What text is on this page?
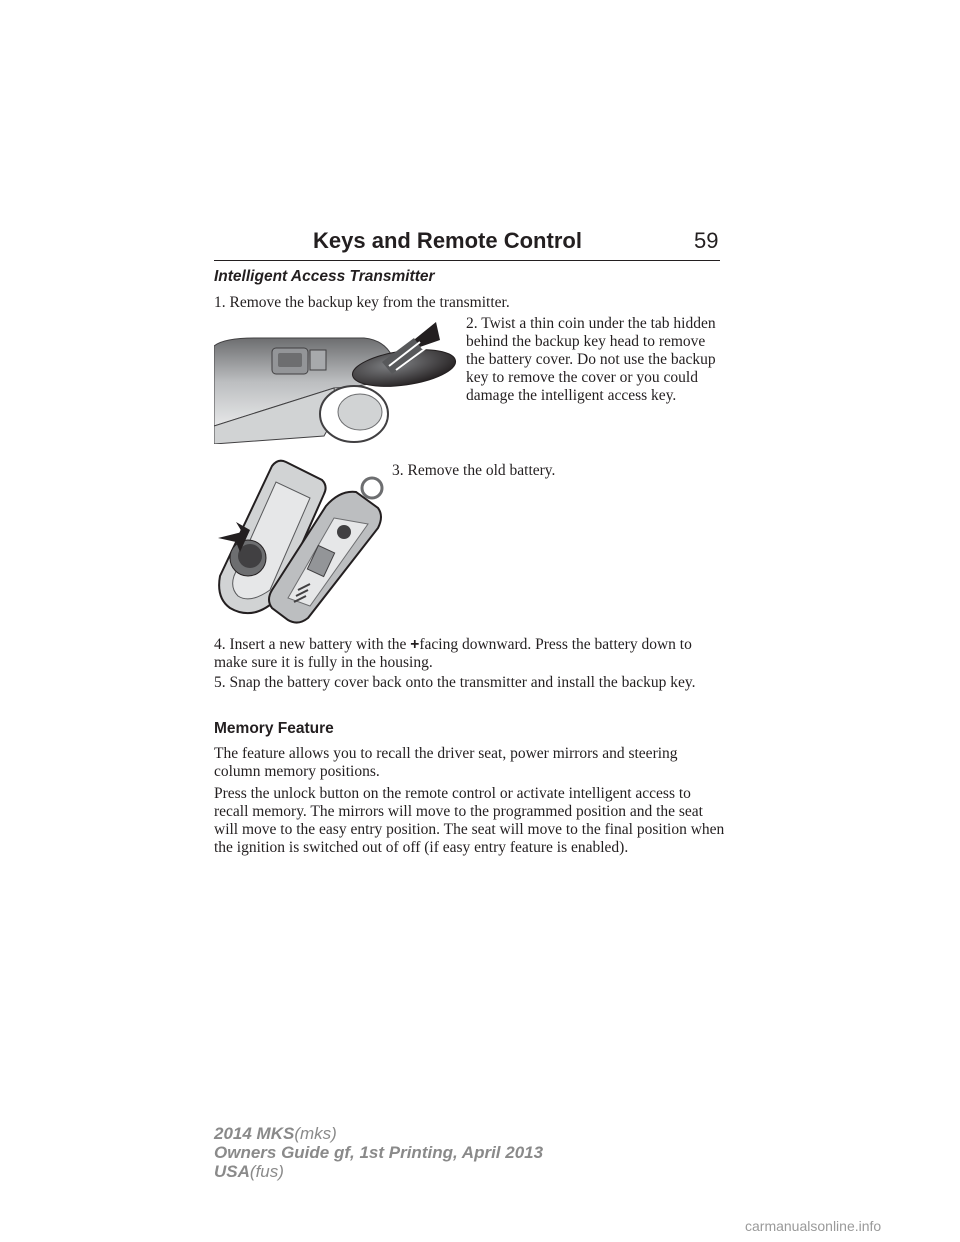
Keys and Remote Control	59
Intelligent Access Transmitter

1. Remove the backup key from the transmitter.

2. Twist a thin coin under the tab hidden behind the backup key head to remove the battery cover. Do not use the backup key to remove the cover or you could damage the intelligent access key.

3. Remove the old battery.

4. Insert a new battery with the +facing downward. Press the battery down to make sure it is fully in the housing.

5. Snap the battery cover back onto the transmitter and install the backup key.

Memory Feature

The feature allows you to recall the driver seat, power mirrors and steering column memory positions.

Press the unlock button on the remote control or activate intelligent access to recall memory. The mirrors will move to the programmed position and the seat will move to the easy entry position. The seat will move to the final position when the ignition is switched out of off (if easy entry feature is enabled).

2014 MKS(mks)
Owners Guide gf, 1st Printing, April 2013
USA(fus)
carmanualsonline.info
